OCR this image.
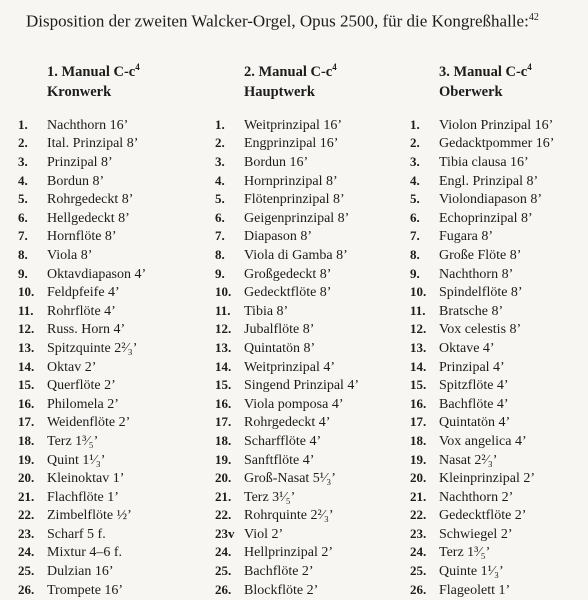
Disposition der zweiten Walcker-Orgel, Opus 2500, für die Kongreßhalle:$^{42}$
1. Manual $C-c^4$
Kronwerk
1. Nachthorn 16’
2. Ital. Prinzipal 8’
3. Prinzipal 8’
4. Bordun 8’
5. Rohrgedeckt 8’
6. Hellgedeckt 8’
7. Hornflöte 8’
8. Viola 8’
9. Oktavdiapason 4’
10. Feldpfeife 4’
11. Rohrflöte 4’
12. Russ. Horn 4’
13. Spitzquinte 2²⁄₃’
14. Oktav 2’
15. Querflöte 2’
16. Philomela 2’
17. Weidenflöte 2’
18. Terz 1³⁄₅’
19. Quint 1¹⁄₃’
20. Kleinoktav 1’
21. Flachflöte 1’
22. Zimbelflöte ½’
23. Scharf 5 f.
24. Mixtur 4–6 f.
25. Dulzian 16’
26. Trompete 16’
2. Manual $C-c^4$
Hauptwerk
1. Weitprinzipal 16’
2. Engprinzipal 16’
3. Bordun 16’
4. Hornprinzipal 8’
5. Flötenprinzipal 8’
6. Geigenprinzipal 8’
7. Diapason 8’
8. Viola di Gamba 8’
9. Großgedeckt 8’
10. Gedecktflöte 8’
11. Tibia 8’
12. Jubalflöte 8’
13. Quintatön 8’
14. Weitprinzipal 4’
15. Singend Prinzipal 4’
16. Viola pomposa 4’
17. Rohrgedeckt 4’
18. Scharfflöte 4’
19. Sanftflöte 4’
20. Groß-Nasat 5¹⁄₃’
21. Terz 3¹⁄₅’
22. Rohrquinte 2²⁄₃’
23v Viol 2’
24. Hellprinzipal 2’
25. Bachflöte 2’
26. Blockflöte 2’
3. Manual $C-c^4$
Oberwerk
1. Violon Prinzipal 16’
2. Gedacktpommer 16’
3. Tibia clausa 16’
4. Engl. Prinzipal 8’
5. Violondiapason 8’
6. Echoprinzipal 8’
7. Fugara 8’
8. Große Flöte 8’
9. Nachthorn 8’
10. Spindelflöte 8’
11. Bratsche 8’
12. Vox celestis 8’
13. Oktave 4’
14. Prinzipal 4’
15. Spitzflöte 4’
16. Bachflöte 4’
17. Quintatön 4’
18. Vox angelica 4’
19. Nasat 2²⁄₃’
20. Kleinprinzipal 2’
21. Nachthorn 2’
22. Gedecktflöte 2’
23. Schwiegel 2’
24. Terz 1³⁄₅’
25. Quinte 1¹⁄₃’
26. Flageolett 1’
